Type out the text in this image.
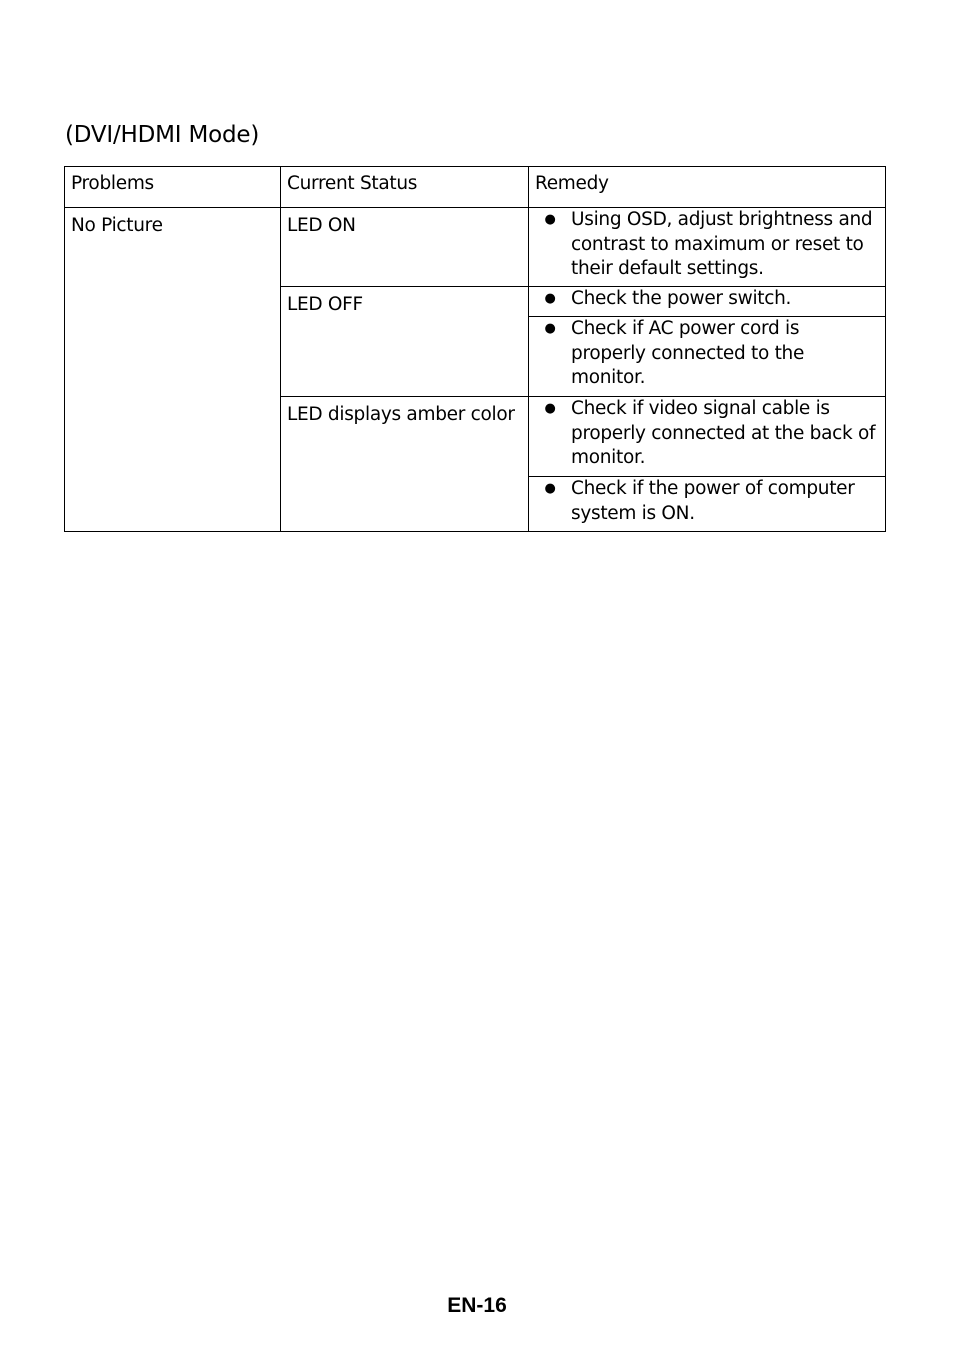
(DVI/HDMI Mode)
Problems	Current Status	Remedy
No Picture	LED ON	● Using OSD, adjust brightness and contrast to maximum or reset to their default settings.

	LED OFF	● Check the power switch.

		● Check if AC power cord is properly connected to the monitor.

	LED displays amber color	● Check if video signal cable is properly connected at the back of monitor.

		● Check if the power of computer system is ON.
EN-16
